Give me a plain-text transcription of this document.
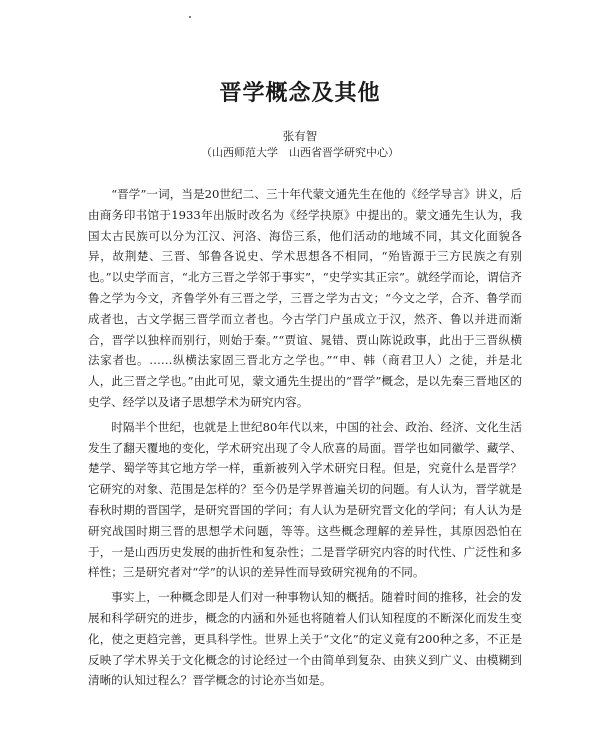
晋学概念及其他
张有智
（山西师范大学　山西省晋学研究中心）

“晋学”一词，当是20世纪二、三十年代蒙文通先生在他的《经学导言》讲义，后由商务印书馆于1933年出版时改名为《经学抉原》中提出的。蒙文通先生认为，我国太古民族可以分为江汉、河洛、海岱三系，他们活动的地域不同，其文化面貌各异，故荆楚、三晋、邹鲁各说史、学术思想各不相同，“殆皆源于三方民族之有别也。”以史学而言，“北方三晋之学邻于事实”，“史学实其正宗”。就经学而论，谓信齐鲁之学为今文，齐鲁学外有三晋之学，三晋之学为古文；“今文之学，合齐、鲁学而成者也，古文学据三晋学而立者也。今古学门户虽成立于汉，然齐、鲁以并进而渐合，晋学以独梓而别行，则始于秦。”“贾谊、晁错、贾山陈说政事，此出于三晋纵横法家者也。……纵横法家固三晋北方之学也。”“申、韩（商君卫人）之徒，并是北人，此三晋之学也。”由此可见，蒙文通先生提出的“晋学”概念，是以先秦三晋地区的史学、经学以及诸子思想学术为研究内容。

时隔半个世纪，也就是上世纪80年代以来，中国的社会、政治、经济、文化生活发生了翻天覆地的变化，学术研究出现了令人欣喜的局面。晋学也如同徽学、藏学、楚学、蜀学等其它地方学一样，重新被列入学术研究日程。但是，究竟什么是晋学？它研究的对象、范围是怎样的？至今仍是学界普遍关切的问题。有人认为，晋学就是春秋时期的晋国学，是研究晋国的学问；有人认为是研究晋文化的学问；有人认为是研究战国时期三晋的思想学术问题，等等。这些概念理解的差异性，其原因恐怕在于，一是山西历史发展的曲折性和复杂性；二是晋学研究内容的时代性、广泛性和多样性；三是研究者对“学”的认识的差异性而导致研究视角的不同。

事实上，一种概念即是人们对一种事物认知的概括。随着时间的推移，社会的发展和科学研究的进步，概念的内涵和外延也将随着人们认知程度的不断深化而发生变化，使之更趋完善，更具科学性。世界上关于“文化”的定义竟有200种之多，不正是反映了学术界关于文化概念的讨论经过一个由简单到复杂、由狭义到广义、由模糊到清晰的认知过程么？晋学概念的讨论亦当如是。
